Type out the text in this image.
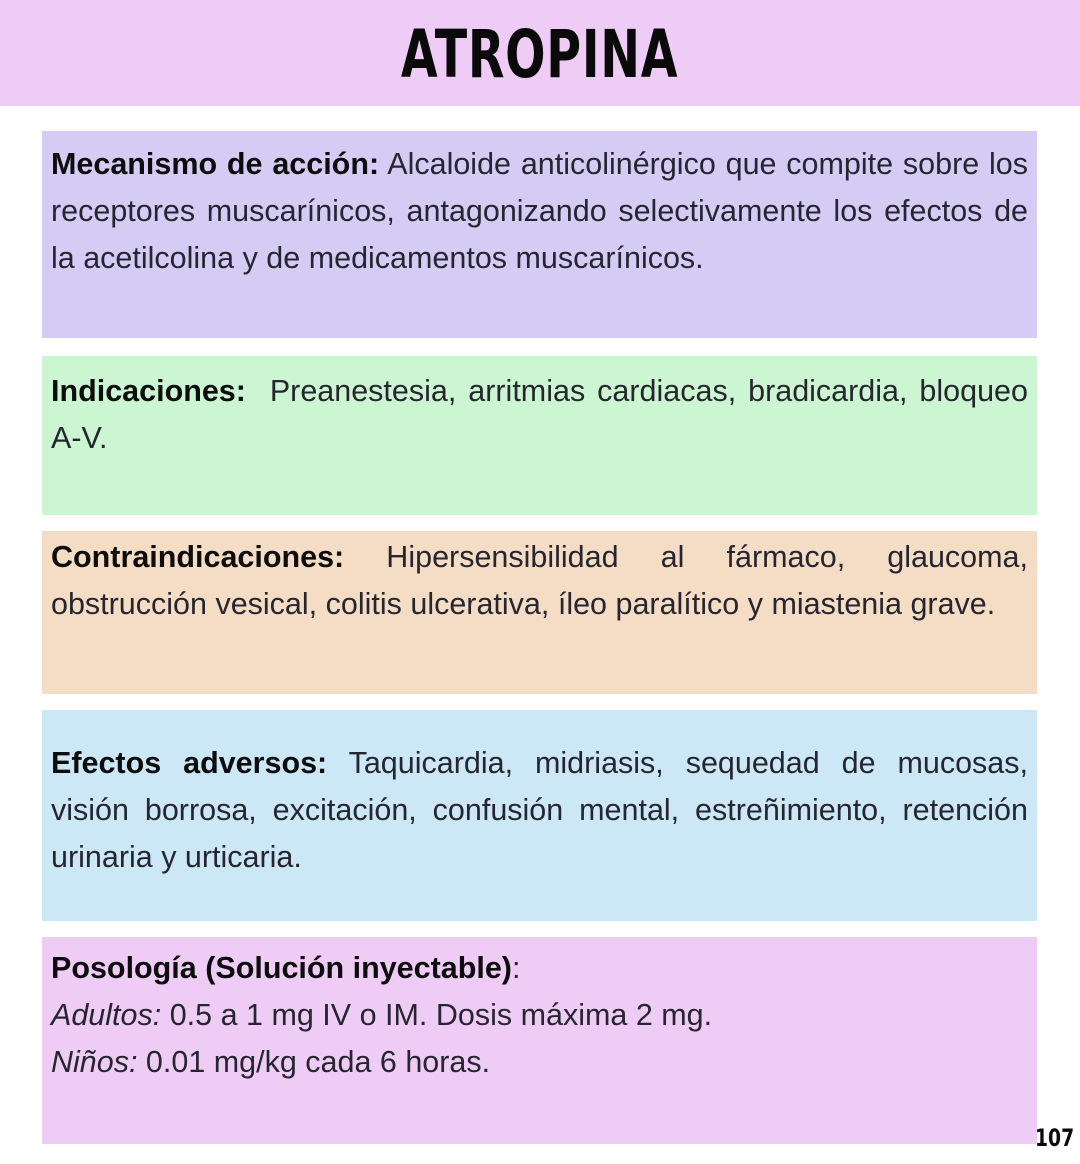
ATROPINA

Mecanismo de acción: Alcaloide anticolinérgico que compite sobre los receptores muscarínicos, antagonizando selectivamente los efectos de la acetilcolina y de medicamentos muscarínicos.

Indicaciones:  Preanestesia, arritmias cardiacas, bradicardia, bloqueo A-V.

Contraindicaciones: Hipersensibilidad al fármaco, glaucoma, obstrucción vesical, colitis ulcerativa, íleo paralítico y miastenia grave.

Efectos adversos: Taquicardia, midriasis, sequedad de mucosas, visión borrosa, excitación, confusión mental, estreñimiento, retención urinaria y urticaria.

Posología (Solución inyectable):
Adultos: 0.5 a 1 mg IV o IM. Dosis máxima 2 mg.
Niños: 0.01 mg/kg cada 6 horas.
107
